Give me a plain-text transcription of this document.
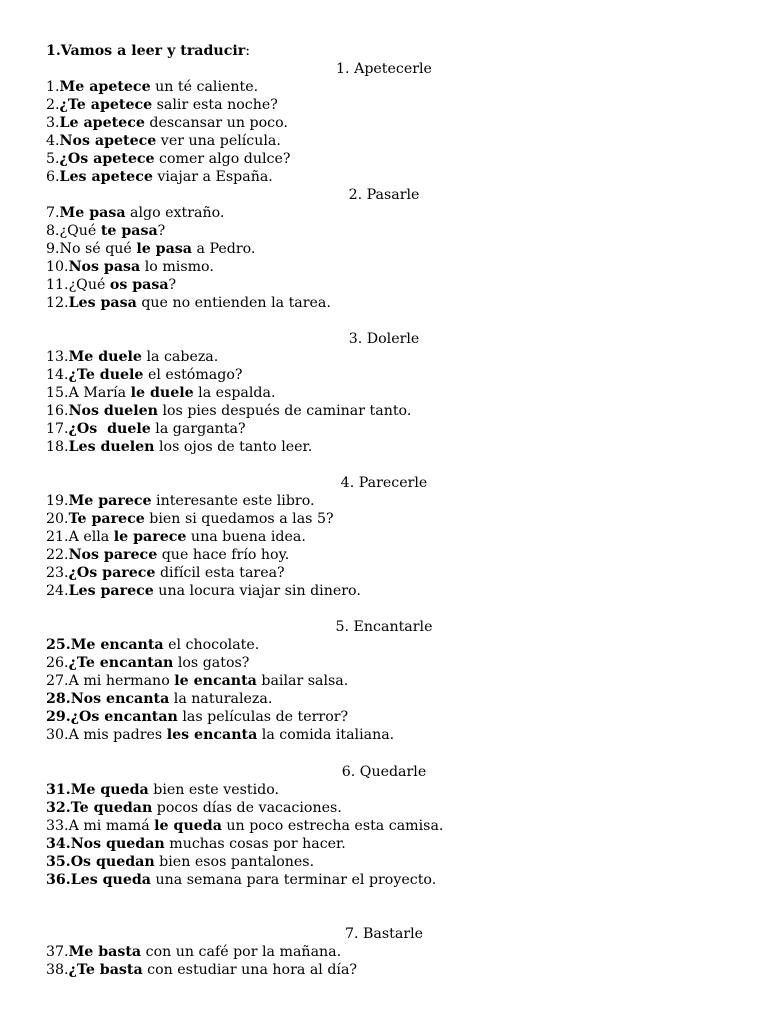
1.Vamos a leer y traducir:
1. Apetecerle
1.Me apetece un té caliente.
2.¿Te apetece salir esta noche?
3.Le apetece descansar un poco.
4.Nos apetece ver una película.
5.¿Os apetece comer algo dulce?
6.Les apetece viajar a España.
2. Pasarle
7.Me pasa algo extraño.
8.¿Qué te pasa?
9.No sé qué le pasa a Pedro.
10.Nos pasa lo mismo.
11.¿Qué os pasa?
12.Les pasa que no entienden la tarea.
3. Dolerle
13.Me duele la cabeza.
14.¿Te duele el estómago?
15.A María le duele la espalda.
16.Nos duelen los pies después de caminar tanto.
17.¿Os  duele la garganta?
18.Les duelen los ojos de tanto leer.
4. Parecerle
19.Me parece interesante este libro.
20.Te parece bien si quedamos a las 5?
21.A ella le parece una buena idea.
22.Nos parece que hace frío hoy.
23.¿Os parece difícil esta tarea?
24.Les parece una locura viajar sin dinero.
5. Encantarle
25.Me encanta el chocolate.
26.¿Te encantan los gatos?
27.A mi hermano le encanta bailar salsa.
28.Nos encanta la naturaleza.
29.¿Os encantan las películas de terror?
30.A mis padres les encanta la comida italiana.
6. Quedarle
31.Me queda bien este vestido.
32.Te quedan pocos días de vacaciones.
33.A mi mamá le queda un poco estrecha esta camisa.
34.Nos quedan muchas cosas por hacer.
35.Os quedan bien esos pantalones.
36.Les queda una semana para terminar el proyecto.
7. Bastarle
37.Me basta con un café por la mañana.
38.¿Te basta con estudiar una hora al día?
